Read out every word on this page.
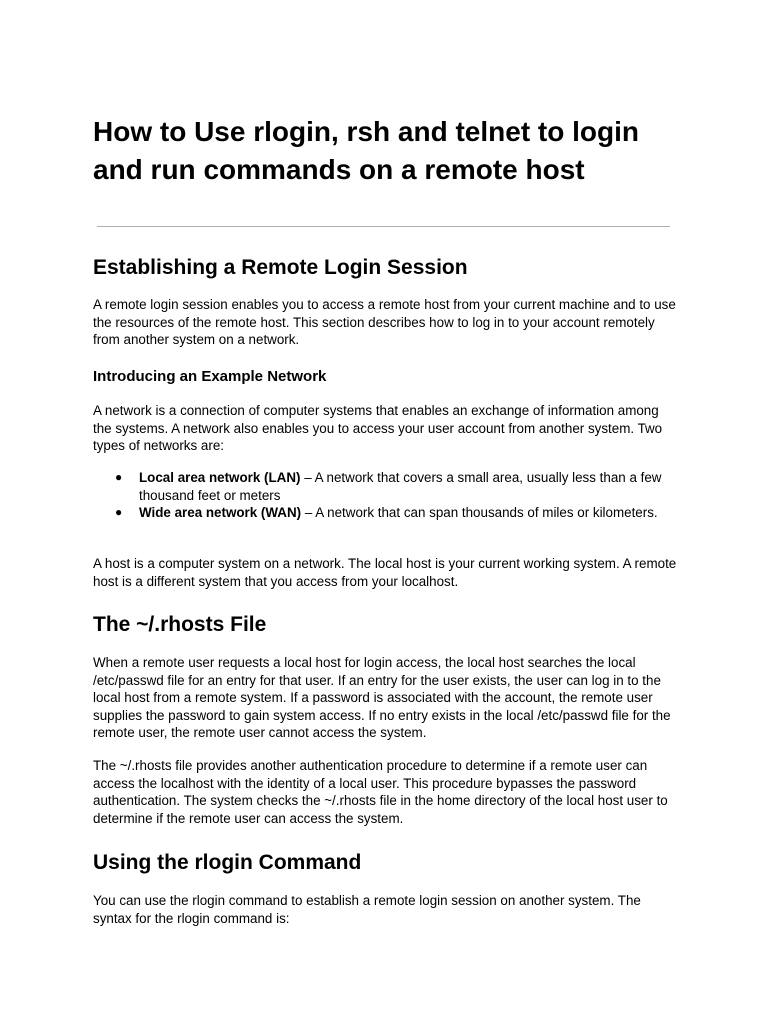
How to Use rlogin, rsh and telnet to login and run commands on a remote host
Establishing a Remote Login Session

A remote login session enables you to access a remote host from your current machine and to use the resources of the remote host. This section describes how to log in to your account remotely from another system on a network.

Introducing an Example Network

A network is a connection of computer systems that enables an exchange of information among the systems. A network also enables you to access your user account from another system. Two types of networks are:

● Local area network (LAN) – A network that covers a small area, usually less than a few thousand feet or meters
● Wide area network (WAN) – A network that can span thousands of miles or kilometers.

A host is a computer system on a network. The local host is your current working system. A remote host is a different system that you access from your localhost.

The ~/.rhosts File

When a remote user requests a local host for login access, the local host searches the local /etc/passwd file for an entry for that user. If an entry for the user exists, the user can log in to the local host from a remote system. If a password is associated with the account, the remote user supplies the password to gain system access. If no entry exists in the local /etc/passwd file for the remote user, the remote user cannot access the system.

The ~/.rhosts file provides another authentication procedure to determine if a remote user can access the localhost with the identity of a local user. This procedure bypasses the password authentication. The system checks the ~/.rhosts file in the home directory of the local host user to determine if the remote user can access the system.

Using the rlogin Command

You can use the rlogin command to establish a remote login session on another system. The syntax for the rlogin command is:
